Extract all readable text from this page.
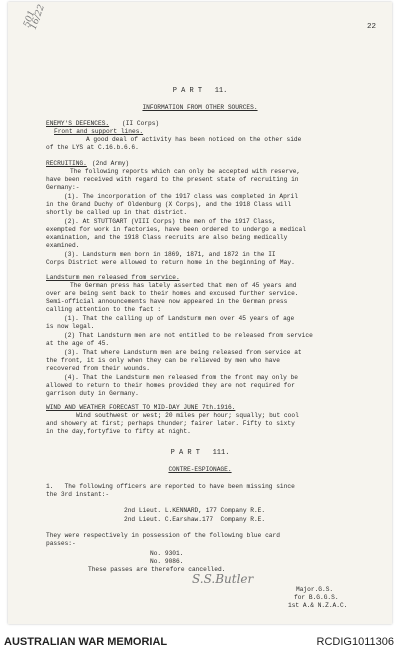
501 16/22	22
P A R T   11.
INFORMATION FROM OTHER SOURCES.
ENEMY'S DEFENCES. (II Corps)
Front and support lines.
A good deal of activity has been noticed on the other side
of the LYS at C.16.b.6.6.
RECRUITING. (2nd Army)
The following reports which can only be accepted with reserve,
have been received with regard to the present state of recruiting in
Germany:-
(1). The incorporation of the 1917 class was completed in April
in the Grand Duchy of Oldenburg (X Corps), and the 1918 Class will
shortly be called up in that district.
(2). At STUTTGART (VIII Corps) the men of the 1917 Class,
exempted for work in factories, have been ordered to undergo a medical
examination, and the 1918 Class recruits are also being medically
examined.
(3). Landsturm men born in 1869, 1871, and 1872 in the II
Corps District were allowed to return home in the beginning of May.
Landsturm men released from service.
The German press has lately asserted that men of 45 years and
over are being sent back to their homes and excused further service.
Semi-official announcements have now appeared in the German press
calling attention to the fact :
(1). That the calling up of Landsturm men over 45 years of age
is now legal.
(2) That Landsturm men are not entitled to be released from service
at the age of 45.
(3). That where Landsturm men are being released from service at
the front, it is only when they can be relieved by men who have
recovered from their wounds.
(4). That the Landsturm men released from the front may only be
allowed to return to their homes provided they are not required for
garrison duty in Germany.
WIND AND WEATHER FORECAST TO MID-DAY JUNE 7th.1916.
Wind southwest or west; 20 miles per hour; squally; but cool
and showery at first; perhaps thunder; fairer later. Fifty to sixty
in the day,fortyfive to fifty at night.
P A R T   111.
CONTRE-ESPIONAGE.
1.   The following officers are reported to have been missing since
the 3rd instant:-
2nd Lieut. L.KENNARD, 177 Company R.E.
2nd Lieut. C.Earshaw.177  Company R.E.
They were respectively in possession of the following blue card
passes:-
No. 9301.
No. 9086.
These passes are therefore cancelled.
S.S.Butler
Major.G.S.
for B.G.G.S.
1st A.& N.Z.A.C.
AUSTRALIAN WAR MEMORIAL	RCDIG1011306
